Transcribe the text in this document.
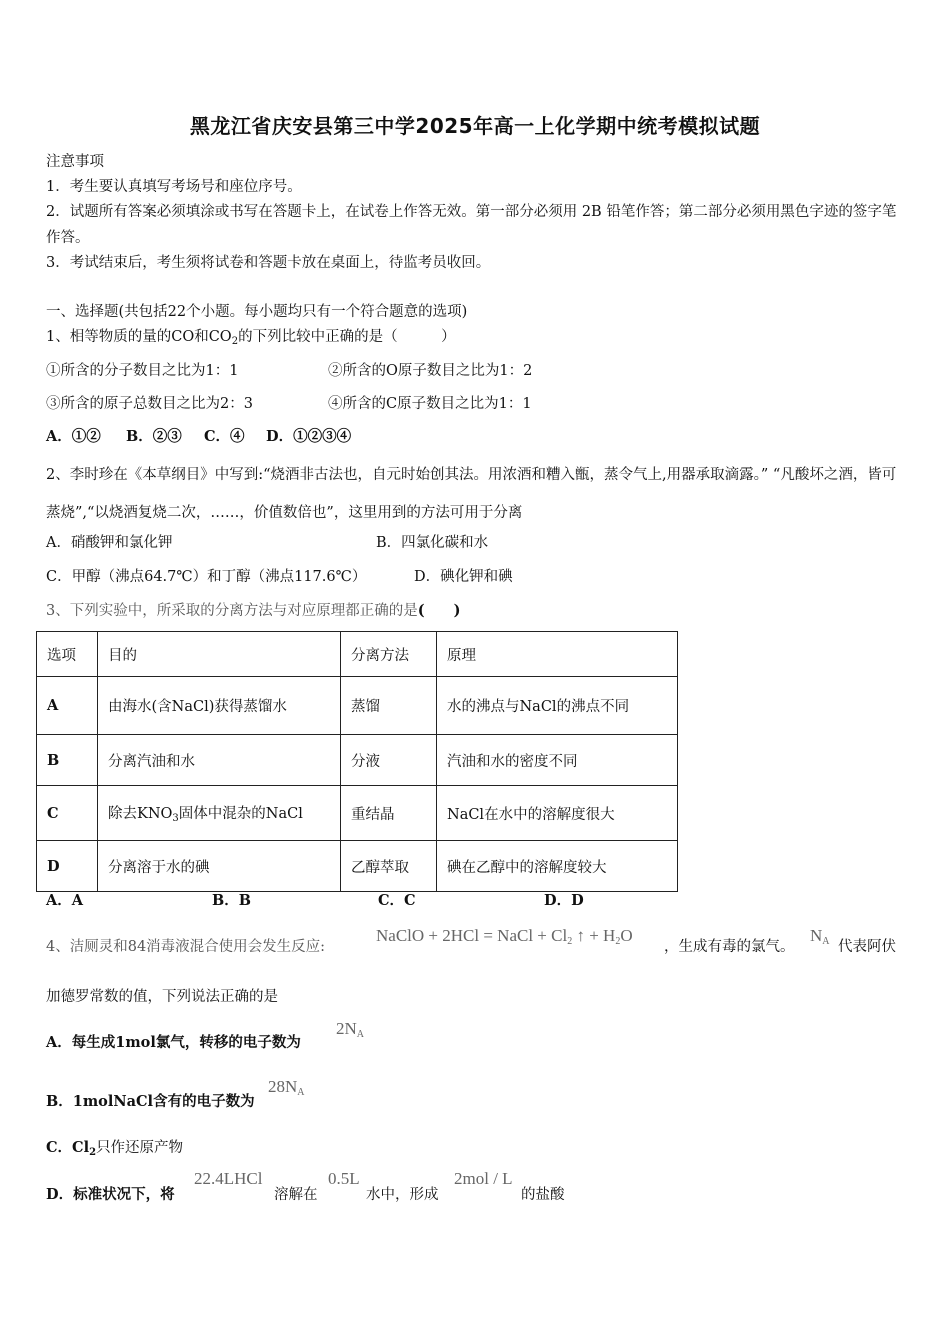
黑龙江省庆安县第三中学2025年高一上化学期中统考模拟试题
注意事项
1．考生要认真填写考场号和座位序号。
2．试题所有答案必须填涂或书写在答题卡上，在试卷上作答无效。第一部分必须用 2B 铅笔作答；第二部分必须用黑色字迹的签字笔作答。
3．考试结束后，考生须将试卷和答题卡放在桌面上，待监考员收回。
一、选择题(共包括22个小题。每小题均只有一个符合题意的选项)
1、相等物质的量的CO和$CO_2$的下列比较中正确的是（　　　）
①所含的分子数目之比为1：1	②所含的O原子数目之比为1：2
③所含的原子总数目之比为2：3	④所含的C原子数目之比为1：1
A．①② B．②③ C．④ D．①②③④
2、李时珍在《本草纲目》中写到:“烧酒非古法也，自元时始创其法。用浓酒和糟入甑，蒸令气上,用器承取滴露。” “凡酸坏之酒，皆可蒸烧”,“以烧酒复烧二次，……，价值数倍也”，这里用到的方法可用于分离
A．硝酸钾和氯化钾	B．四氯化碳和水
C．甲醇（沸点64.7℃）和丁醇（沸点117.6℃）	D．碘化钾和碘
3、下列实验中，所采取的分离方法与对应原理都正确的是(　　)
选项	目的	分离方法	原理
A	由海水(含NaCl)获得蒸馏水	蒸馏	水的沸点与NaCl的沸点不同
B	分离汽油和水	分液	汽油和水的密度不同
C	除去$KNO_3$固体中混杂的NaCl	重结晶	NaCl在水中的溶解度很大
D	分离溶于水的碘	乙醇萃取	碘在乙醇中的溶解度较大
A．A	B．B	C．C	D．D
4、洁厕灵和84消毒液混合使用会发生反应:
NaClO + 2HCl = NaCl + $Cl_2$ ↑ + $H_2O$
，生成有毒的氯气。
$N_A$ 代表阿伏
加德罗常数的值，下列说法正确的是
A．每生成1mol氯气，转移的电子数为
$2N_A$
B．1molNaCl含有的电子数为
$28N_A$
C．$Cl_2$只作还原产物
D．标准状况下，将
22.4LHCl
溶解在
0.5L
水中，形成
2mol / L
的盐酸
